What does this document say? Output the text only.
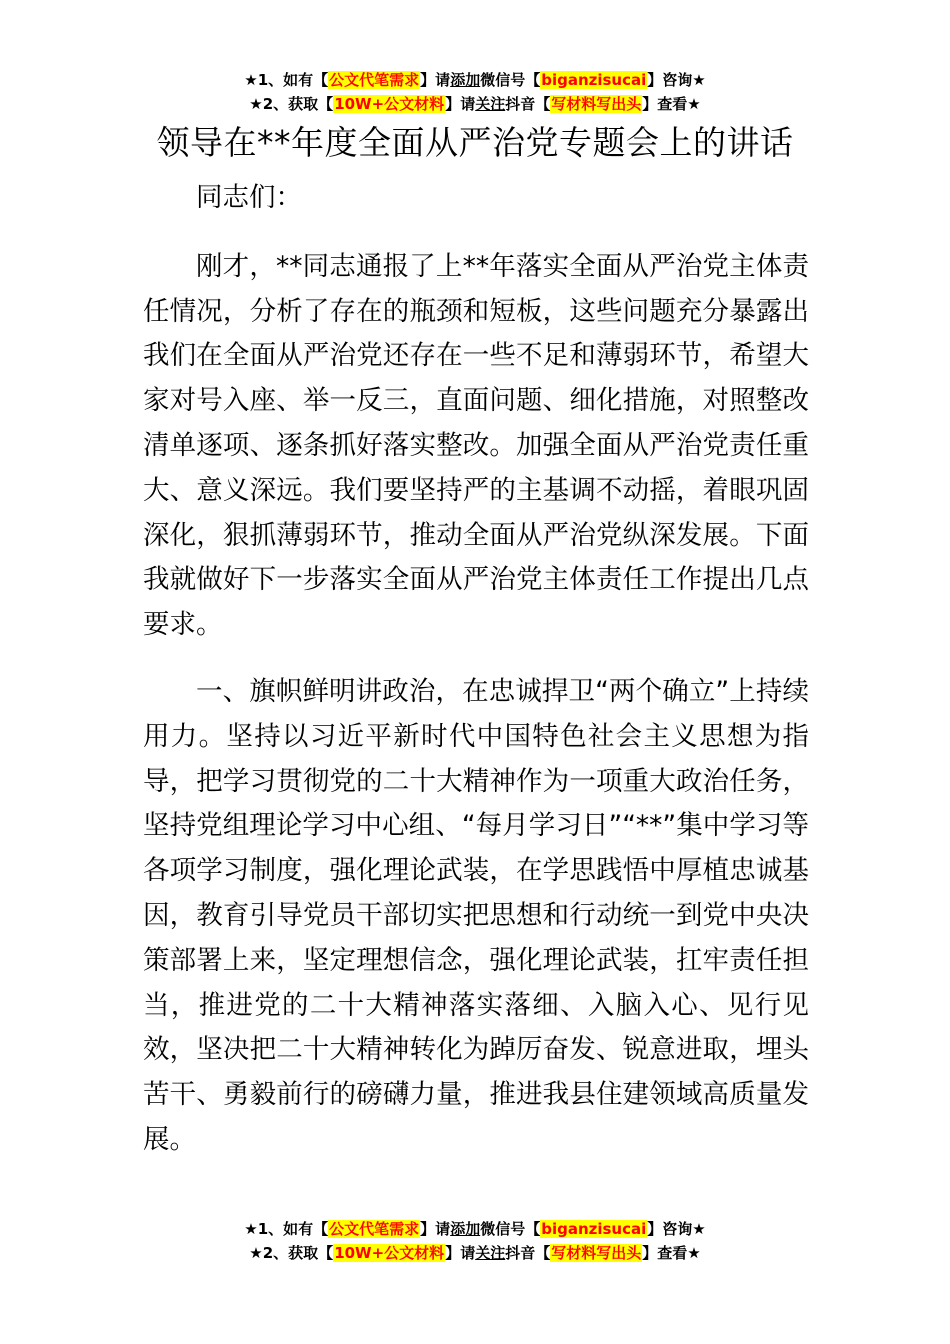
★1、如有【公文代笔需求】请添加微信号【biganzisucai】咨询★
★2、获取【10W+公文材料】请关注抖音【写材料写出头】查看★
领导在**年度全面从严治党专题会上的讲话

同志们：

刚才，**同志通报了上**年落实全面从严治党主体责任情况，分析了存在的瓶颈和短板，这些问题充分暴露出我们在全面从严治党还存在一些不足和薄弱环节，希望大家对号入座、举一反三，直面问题、细化措施，对照整改清单逐项、逐条抓好落实整改。加强全面从严治党责任重大、意义深远。我们要坚持严的主基调不动摇，着眼巩固深化，狠抓薄弱环节，推动全面从严治党纵深发展。下面我就做好下一步落实全面从严治党主体责任工作提出几点要求。

一、旗帜鲜明讲政治，在忠诚捍卫“两个确立”上持续用力。坚持以习近平新时代中国特色社会主义思想为指导，把学习贯彻党的二十大精神作为一项重大政治任务，坚持党组理论学习中心组、“每月学习日”“**”集中学习等各项学习制度，强化理论武装，在学思践悟中厚植忠诚基因，教育引导党员干部切实把思想和行动统一到党中央决策部署上来，坚定理想信念，强化理论武装，扛牢责任担当，推进党的二十大精神落实落细、入脑入心、见行见效，坚决把二十大精神转化为踔厉奋发、锐意进取，埋头苦干、勇毅前行的磅礴力量，推进我县住建领域高质量发展。

★1、如有【公文代笔需求】请添加微信号【biganzisucai】咨询★
★2、获取【10W+公文材料】请关注抖音【写材料写出头】查看★
